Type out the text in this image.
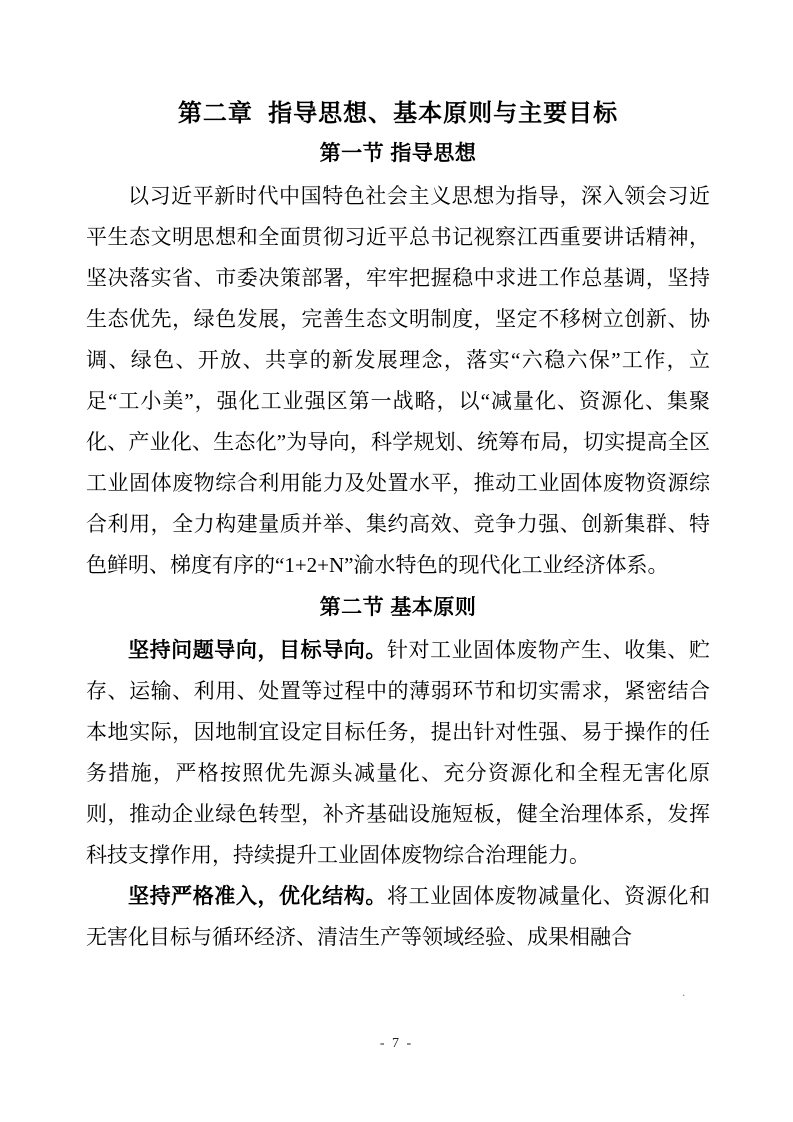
第二章  指导思想、基本原则与主要目标
第一节 指导思想

以习近平新时代中国特色社会主义思想为指导，深入领会习近平生态文明思想和全面贯彻习近平总书记视察江西重要讲话精神，坚决落实省、市委决策部署，牢牢把握稳中求进工作总基调，坚持生态优先，绿色发展，完善生态文明制度，坚定不移树立创新、协调、绿色、开放、共享的新发展理念，落实“六稳六保”工作，立足“工小美”，强化工业强区第一战略，以“减量化、资源化、集聚化、产业化、生态化”为导向，科学规划、统筹布局，切实提高全区工业固体废物综合利用能力及处置水平，推动工业固体废物资源综合利用，全力构建量质并举、集约高效、竞争力强、创新集群、特色鲜明、梯度有序的“1+2+N”渝水特色的现代化工业经济体系。

第二节 基本原则

坚持问题导向，目标导向。针对工业固体废物产生、收集、贮存、运输、利用、处置等过程中的薄弱环节和切实需求，紧密结合本地实际，因地制宜设定目标任务，提出针对性强、易于操作的任务措施，严格按照优先源头减量化、充分资源化和全程无害化原则，推动企业绿色转型，补齐基础设施短板，健全治理体系，发挥科技支撑作用，持续提升工业固体废物综合治理能力。

坚持严格准入，优化结构。将工业固体废物减量化、资源化和无害化目标与循环经济、清洁生产等领域经验、成果相融合

.
- 7 -
